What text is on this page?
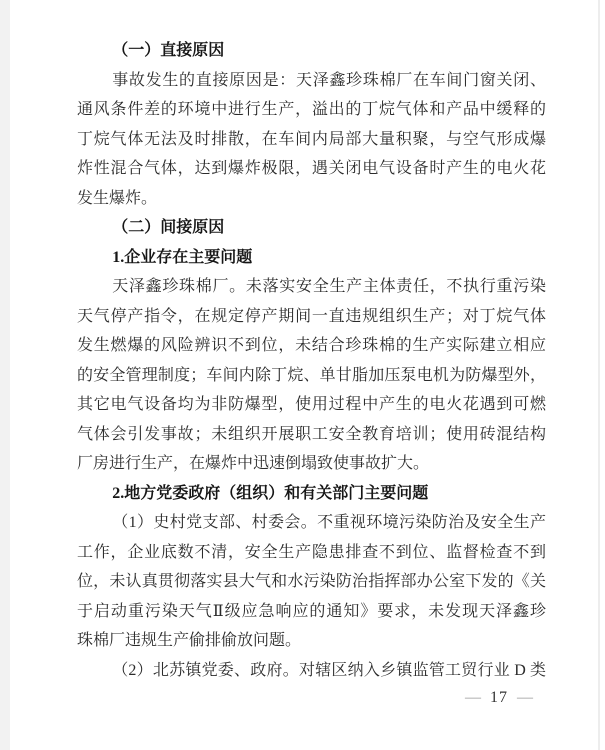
（一）直接原因
事故发生的直接原因是：天泽鑫珍珠棉厂在车间门窗关闭、
通风条件差的环境中进行生产，溢出的丁烷气体和产品中缓释的
丁烷气体无法及时排散，在车间内局部大量积聚，与空气形成爆
炸性混合气体，达到爆炸极限，遇关闭电气设备时产生的电火花
发生爆炸。
（二）间接原因
1.企业存在主要问题
天泽鑫珍珠棉厂。未落实安全生产主体责任，不执行重污染
天气停产指令，在规定停产期间一直违规组织生产；对丁烷气体
发生燃爆的风险辨识不到位，未结合珍珠棉的生产实际建立相应
的安全管理制度；车间内除丁烷、单甘脂加压泵电机为防爆型外，
其它电气设备均为非防爆型，使用过程中产生的电火花遇到可燃
气体会引发事故；未组织开展职工安全教育培训；使用砖混结构
厂房进行生产，在爆炸中迅速倒塌致使事故扩大。
2.地方党委政府（组织）和有关部门主要问题
（1）史村党支部、村委会。不重视环境污染防治及安全生产
工作，企业底数不清，安全生产隐患排查不到位、监督检查不到
位，未认真贯彻落实县大气和水污染防治指挥部办公室下发的《关
于启动重污染天气Ⅱ级应急响应的通知》要求，未发现天泽鑫珍
珠棉厂违规生产偷排偷放问题。
（2）北苏镇党委、政府。对辖区纳入乡镇监管工贸行业 D 类
— 17 —
